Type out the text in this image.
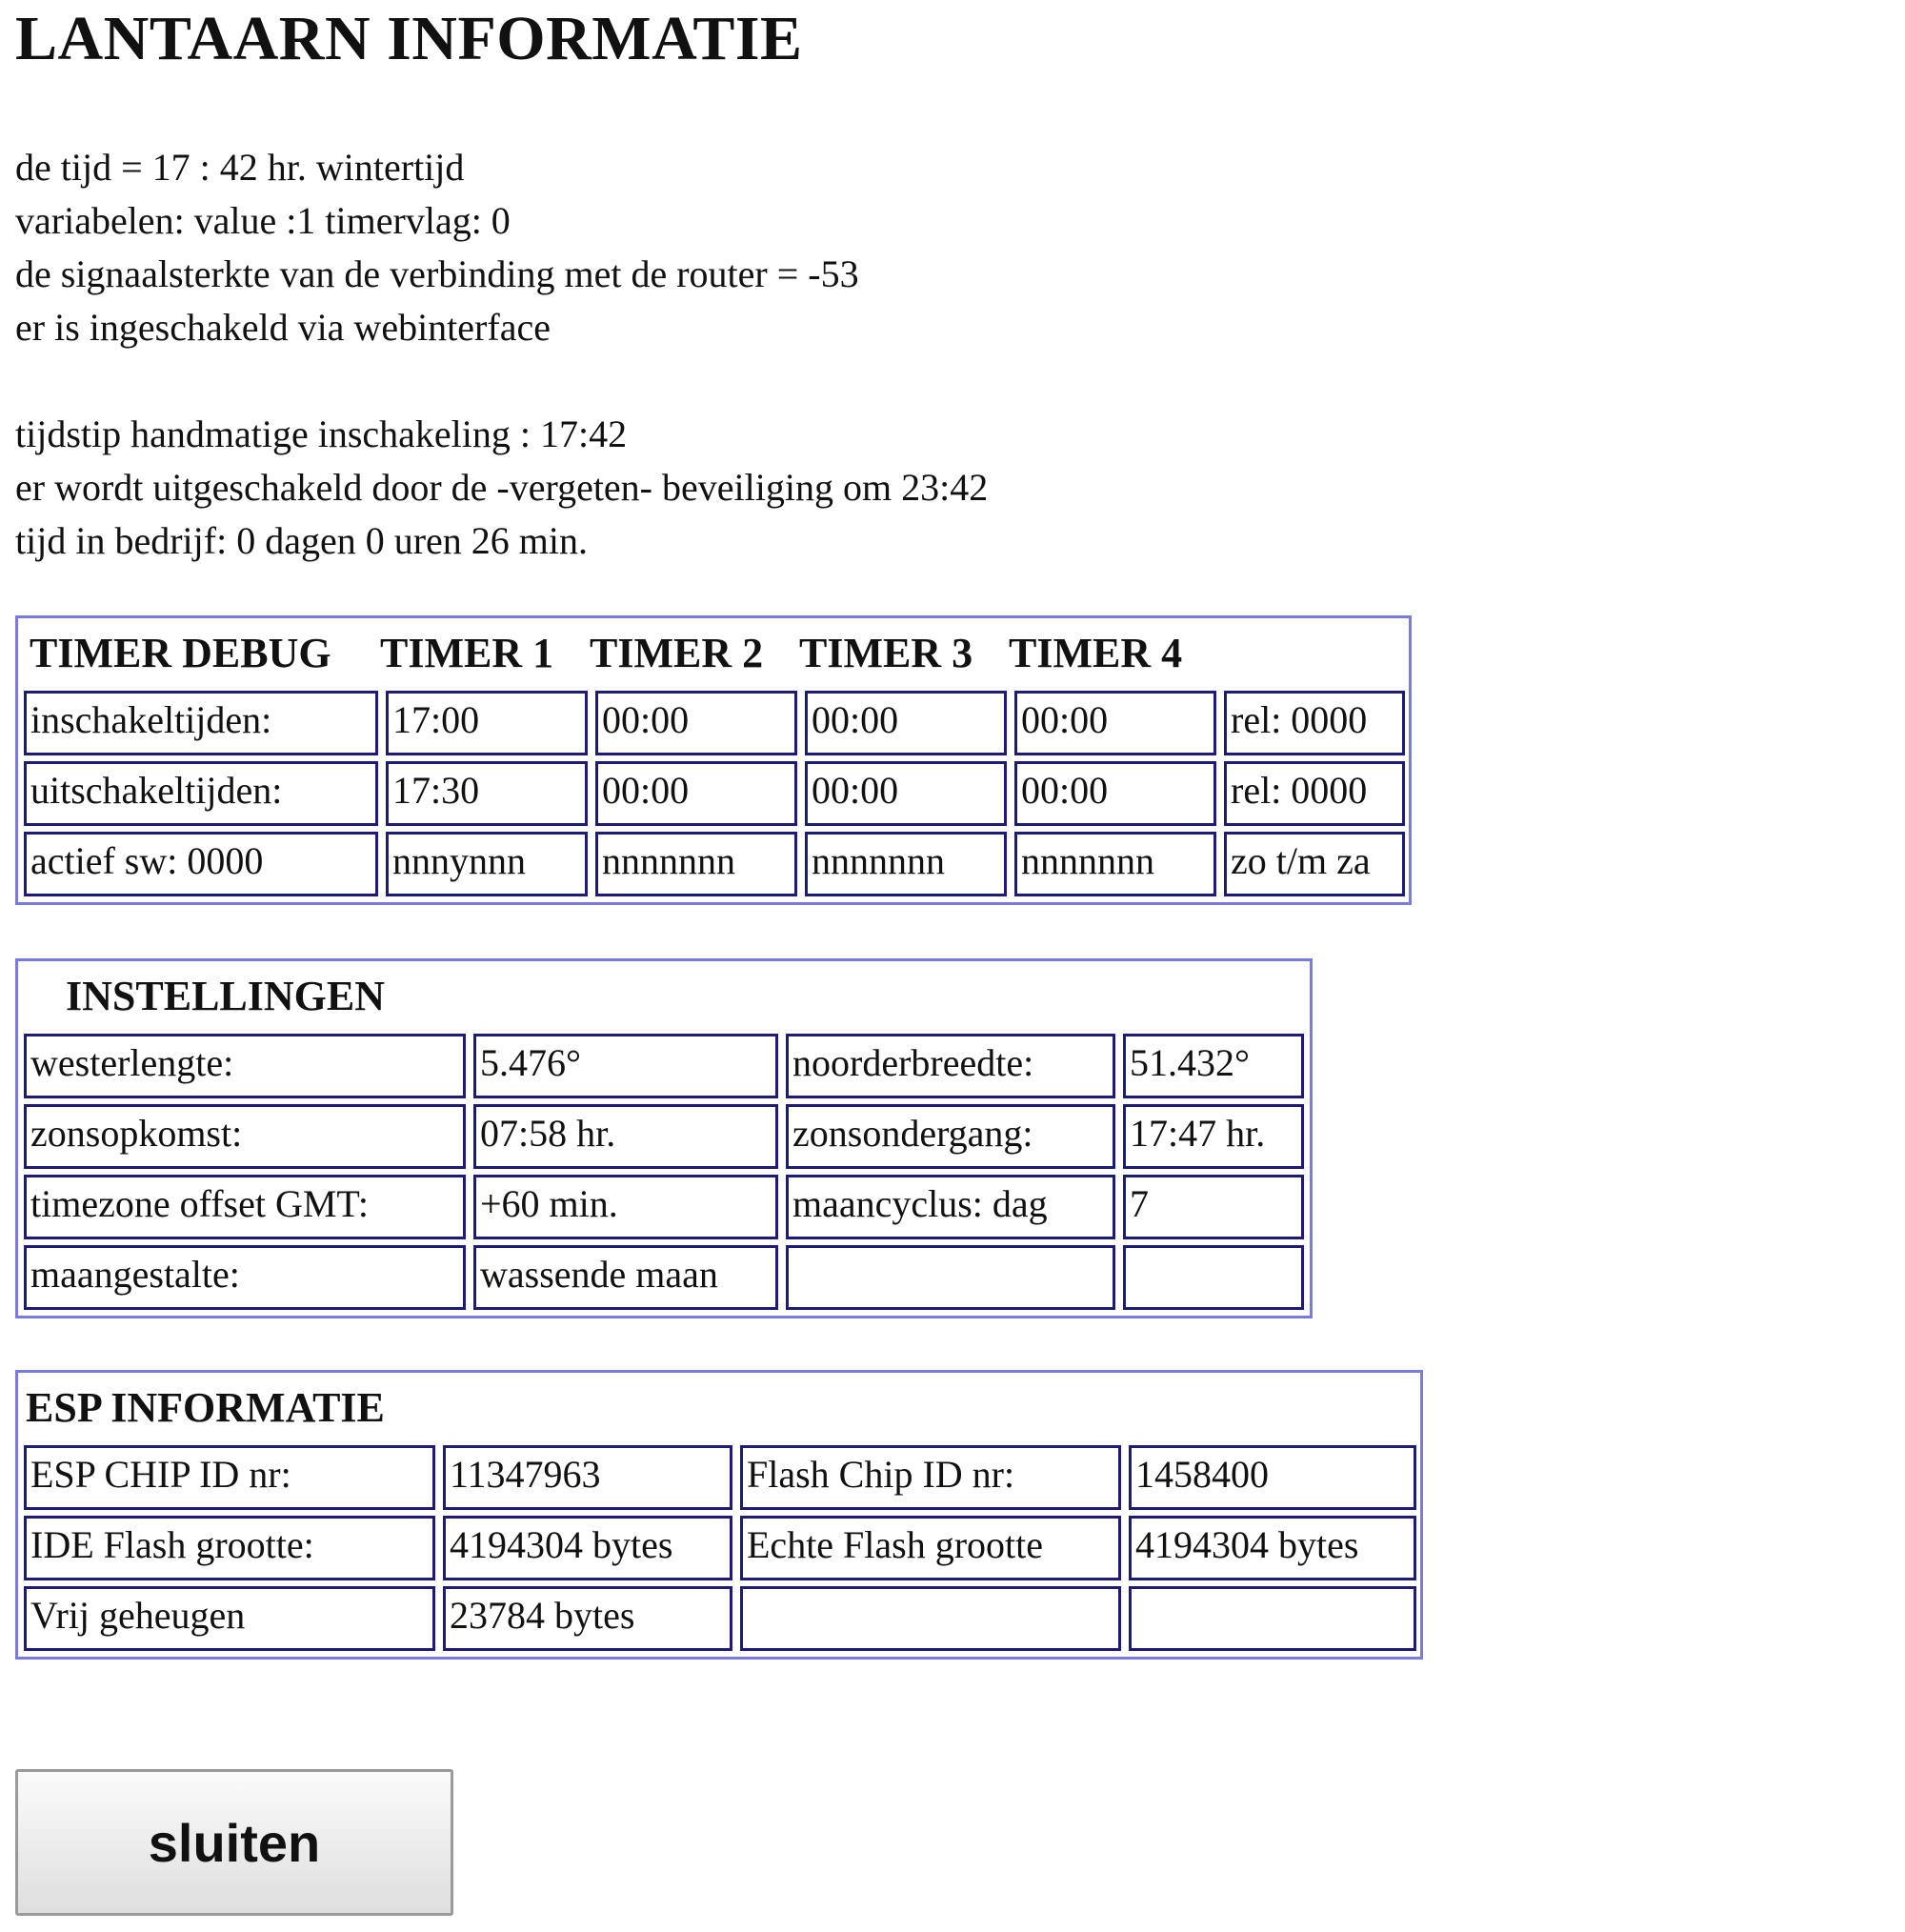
LANTAARN INFORMATIE
de tijd = 17 : 42 hr. wintertijd
variabelen: value :1 timervlag: 0
de signaalsterkte van de verbinding met de router = -53
er is ingeschakeld via webinterface
tijdstip handmatige inschakeling : 17:42
er wordt uitgeschakeld door de -vergeten- beveiliging om 23:42
tijd in bedrijf: 0 dagen 0 uren 26 min.
TIMER DEBUG TIMER 1 TIMER 2 TIMER 3 TIMER 4
inschakeltijden:	17:00	00:00	00:00	00:00	rel: 0000
uitschakeltijden:	17:30	00:00	00:00	00:00	rel: 0000
actief sw: 0000	nnnynnn	nnnnnnn	nnnnnnn	nnnnnnn	zo t/m za
INSTELLINGEN
westerlengte:	5.476°	noorderbreedte:	51.432°
zonsopkomst:	07:58 hr.	zonsondergang:	17:47 hr.
timezone offset GMT:	+60 min.	maancyclus: dag	7
maangestalte:	wassende maan
ESP INFORMATIE
ESP CHIP ID nr:	11347963	Flash Chip ID nr:	1458400
IDE Flash grootte:	4194304 bytes	Echte Flash grootte	4194304 bytes
Vrij geheugen	23784 bytes
sluiten
